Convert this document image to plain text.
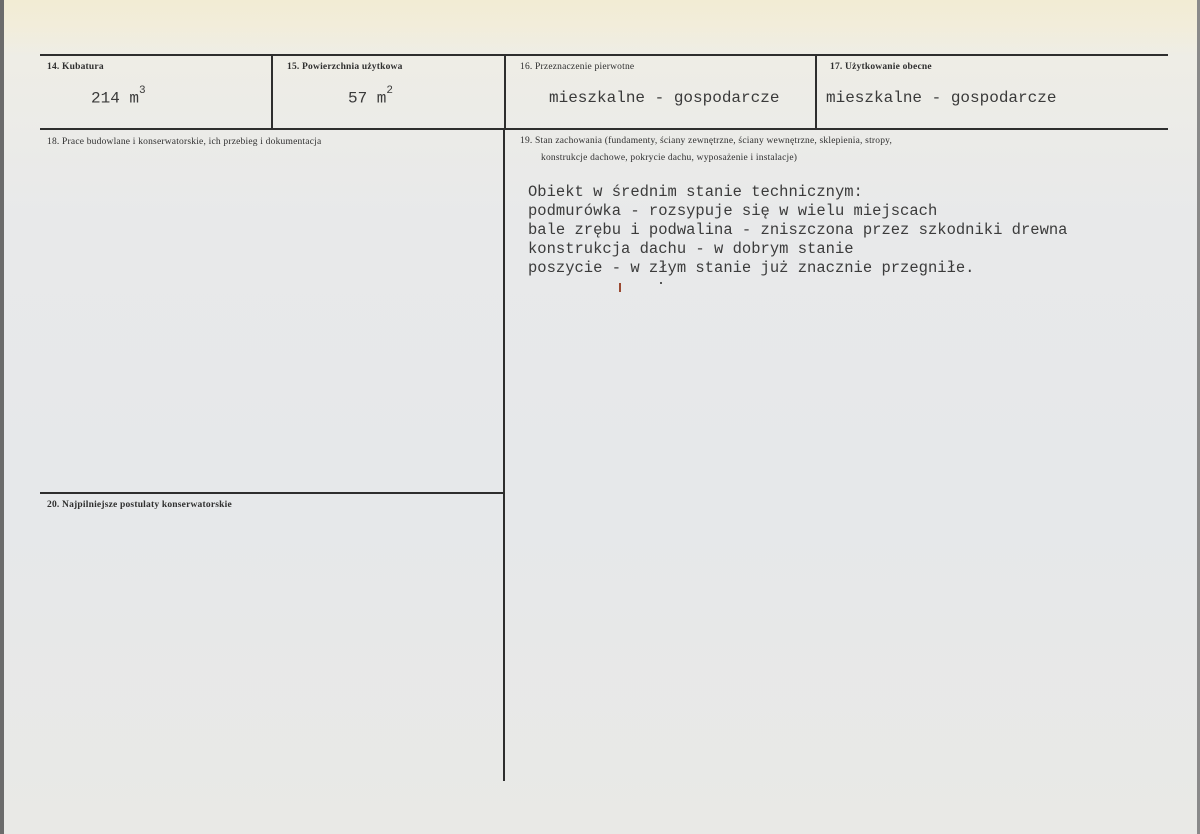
14. Kubatura
214 $m^3$
15. Powierzchnia użytkowa
57 $m^2$
16. Przeznaczenie pierwotne
mieszkalne - gospodarcze
17. Użytkowanie obecne
mieszkalne - gospodarcze
18. Prace budowlane i konserwatorskie, ich przebieg i dokumentacja	19. Stan zachowania (fundamenty, ściany zewnętrzne, ściany wewnętrzne, sklepienia, stropy,
konstrukcje dachowe, pokrycie dachu, wyposażenie i instalacje)
Obiekt w średnim stanie technicznym:
podmurówka - rozsypuje się w wielu miejscach
bale zrębu i podwalina - zniszczona przez szkodniki drewna
konstrukcja dachu - w dobrym stanie
poszycie - w złym stanie już znacznie przegniłe.
20. Najpilniejsze postulaty konserwatorskie
